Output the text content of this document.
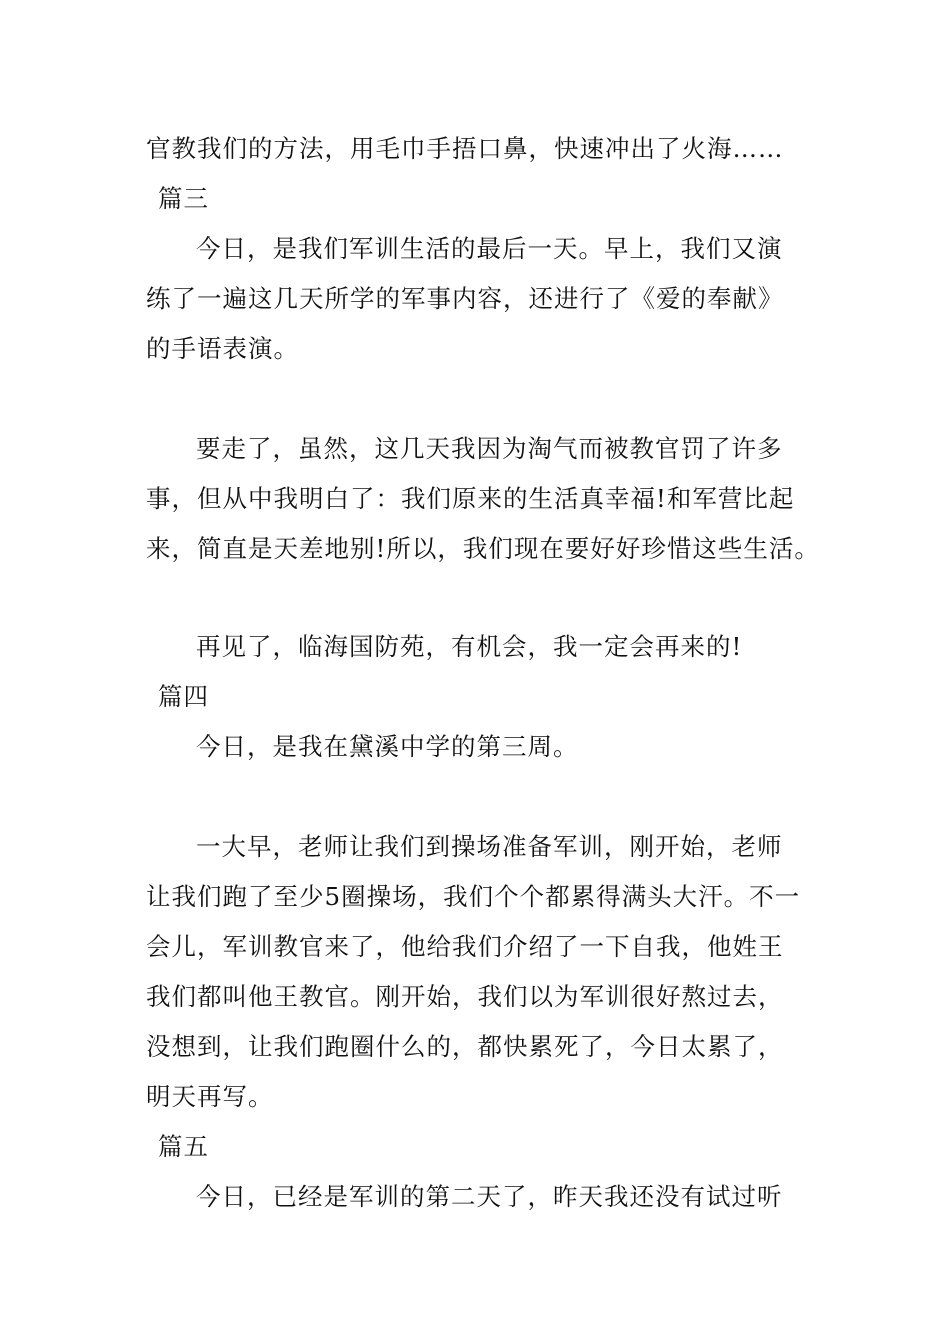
官教我们的方法，用毛巾手捂口鼻，快速冲出了火海……
篇三
今日，是我们军训生活的最后一天。早上，我们又演
练了一遍这几天所学的军事内容，还进行了《爱的奉献》
的手语表演。
要走了，虽然，这几天我因为淘气而被教官罚了许多
事，但从中我明白了：我们原来的生活真幸福!和军营比起
来，简直是天差地别!所以，我们现在要好好珍惜这些生活。
再见了，临海国防苑，有机会，我一定会再来的!
篇四
今日，是我在黛溪中学的第三周。
一大早，老师让我们到操场准备军训，刚开始，老师
让我们跑了至少5圈操场，我们个个都累得满头大汗。不一
会儿，军训教官来了，他给我们介绍了一下自我，他姓王
我们都叫他王教官。刚开始，我们以为军训很好熬过去，
没想到，让我们跑圈什么的，都快累死了，今日太累了，
明天再写。
篇五
今日，已经是军训的第二天了，昨天我还没有试过听
